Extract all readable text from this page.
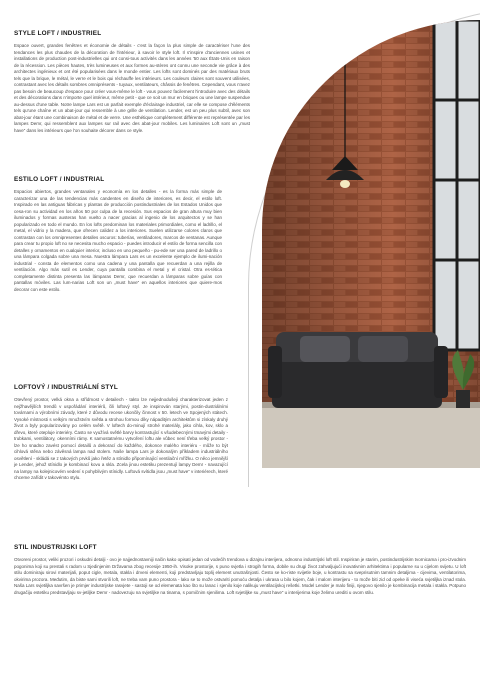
STYLE LOFT / INDUSTRIEL

Espace ouvert, grandes fenêtres et économie de détails - c'est la façon la plus simple de caractériser l'une des tendances les plus chaudes de la décoration de l'intérieur, à savoir le style loft. Il s'inspire d'anciennes usines et installations de production post-industrielles qui ont consi-tous activités dans les années '50 aux États-Unis en raison de la récession. Les pièces hautes, très lumineuses et aux formes au-stères ont connu une seconde vie grâce à des architectes ingénieux et ont été popularisées dans le monde entier. Les lofts sont dominés par des matériaux bruts tels que la brique, le métal, le verre et le bois qui réchauffe les intérieurs. Les couleurs claires sont souvent utilisées, contrastant avec les détails sombres omniprésents - tuyaux, ventilateurs, châssis de fenêtres. Cependant, vous n'avez pas besoin de beaucoup d'espace pour créer vous-même le loft - vous pouvez facilement l'introduire avec des détails et des décorations dans n'importe quel intérieur, même petit - que ce soit un mur en briques ou une lampe suspendue au-dessus d'une table. Notre lampe Lars est un parfait exemple d'éclairage industriel, car elle se compose d'éléments tels qu'une chaîne et un abat-jour qui ressemble à une grille de ventilation. Lender, est un peu plus subtil, avec son abat-jour étant une combinaison de métal et de verre. Une esthétique complètement différente est représentée par les lampes Demr, qui ressemblent aux lampes sur rail avec des abat-jour mobiles. Les luminaires Loft sont un „must have” dans les intérieurs que l'on souhaite décorer dans ce style.

ESTILO LOFT / INDUSTRIAL

Espacios abiertos, grandes ventanales y economía en los detalles - es la forma más simple de caracterizar una de las tendencias más candentes en diseño de interiores, es decir, el estilo loft. Inspirado en las antiguas fábricas y plantas de producción postindustriales de los Estados Unidos que cesa-ron su actividad en los años 50 por culpa de la recesión. Sus espacios de gran altura muy bien iluminados y formas austeras han vuelto a nacer gracias al ingenio de los arquitectos y se han popularizado en todo el mundo. En los lofts predominan los materiales primordiales, como el ladrillo, el metal, el vidrio y la madera, que ofrecen calidez a los interiores. Suelen utilizarse colores claros que contrastan con los omnipresentes detalles oscuros: tuberías, ventiladores, marcos de ventanas. Aunque para crear tu propio loft no se necesita mucho espacio - puedes introducir el estilo de forma sencilla con detalles y ornamentos en cualquier interior, incluso en uno pequeño - pu-ede ser una pared de ladrillo o una lámpara colgada sobre una mesa. Nuestra lámpara Lars es un excelente ejemplo de ilumi-nación industrial - consta de elementos como una cadena y una pantalla que recuerdan a una rejilla de ventilación. Algo más sutil es Lender, cuya pantalla combina el metal y el cristal. Otra es-tética completamente distinta presenta las lámparas Demr, que recuerdan a lámparas sobre guías con pantallas móviles. Las lum-narias Loft son un „must have” en aquellos interiores que quiere-mos decorar con este estilo.

LOFTOVÝ / INDUSTRIÁLNÍ STYL

Otevřený prostor, velká okna a střídmost v detailech - takto lze nejjednodušeji charakterizovat jeden z nejžhavějších trendů v uspořádání interiérů, čili loftový styl. Je inspirován starými, postin-dustriálními továrnami a výrobními závody, které z důvodu recese ukončily činnost v 50. letech ve Spojených státech. Vysoké místnosti s velkým množstvím světla a strohou formou díky nápaditým architektům si získaly druhý život a byly popularizovány po celém světě. V loftech do-minují strohé materiály, jako cihla, kov, sklo a dřevo, které otepluje interiéry. Často se využívá světlé barvy kontrastující s všudebecnými tmavými detaily - trubkami, ventilátory, okenními rámy. K samostatnému vytvoření loftu ale vůbec není třeba velký prostor - lze ho snadno zavést pomocí detailů a dekorací do každého, dokonce malého interiéru - může to být cihlová stěna nebo závěsná lampa nad stolem. Naše lampa Lars je dokonalým příkladem industriálního osvětlení - skládá se z takových prvků jako řetěz a stínidlo připomínající ventilační mřížku. O něco jemnější je Lender, jehož stínidlo je kombinací kovu a skla. Zcela jinou estetiku prezentují lampy Demr - navazující na lampy na kolejnicovém vedení s pohyblivým stínidly. Loftová svítidla jsou „must have” v interiérech, které chceme zařídit v takovémto stylu.

STIL INDUSTRIJSKI LOFT

Otvoreni prostor, veliki prozori i oskudni detalji - ovo je najjednostavniji način kako opisati jedan od vodećih trendova u dizajnu interijera, odnosno industrijski loft stil. Inspiriran je starim, postindustrijskim tvornicama i pro-izvodnim pogonima koji su prestali s radom u Sjedinjenim Državama zbog recesije 1950-ih. Visoke prostorije, s puno svjetla i strogih forma, dobile su drugi život zahvaljujući inovativnim arhitektima i popularne su u cijelom svijetu. U loft stilu dominiraju sirovi materijali, poput cigle, metala, stakla i drveni elementi, koji predstavljaju toplij element unutrašnjosti. Često se ko-riste svijetle boje, u kontrastu sa sveprisutnim tamnim detaljima - cijevima, ventilatorima, okvirima prozora. Međutim, da biste sami stvorili loft, ne treba vam puno prostora - lako se to može ostvariti pomoću detalja i ukrasa u bilo kojem, čak i malom interijeru - to može biti zid od opeke ili viseća svjetiljka iznad stola. Naša Lars svjetiljka savršen je primjer industrijske rasvjete - sastoji se od elemenata kao što su lanac i sjenilo koje nalikuju ventilacijskoj rešetki. Model Lender je malo finiji, njegovo sjenilo je kombinacija metala i stakla. Potpuno drugačiju estetiku predstavljaju sv-jetiljke Demr - nadovezuju na svjetiljke na tinama, s pomičnim sjenilima. Loft svjetiljke su „must have” u interijerima koje želimo urediti u ovom stilu.
